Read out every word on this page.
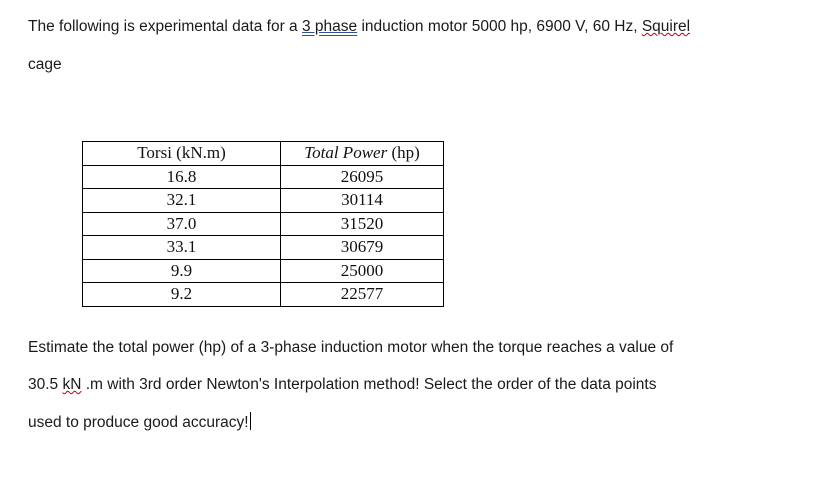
The following is experimental data for a 3 phase induction motor 5000 hp, 6900 V, 60 Hz, Squirel

cage

Torsi (kN.m)	Total Power (hp)
16.8	26095
32.1	30114
37.0	31520
33.1	30679
9.9	25000
9.2	22577

Estimate the total power (hp) of a 3-phase induction motor when the torque reaches a value of

30.5 kN .m with 3rd order Newton's Interpolation method! Select the order of the data points

used to produce good accuracy!
